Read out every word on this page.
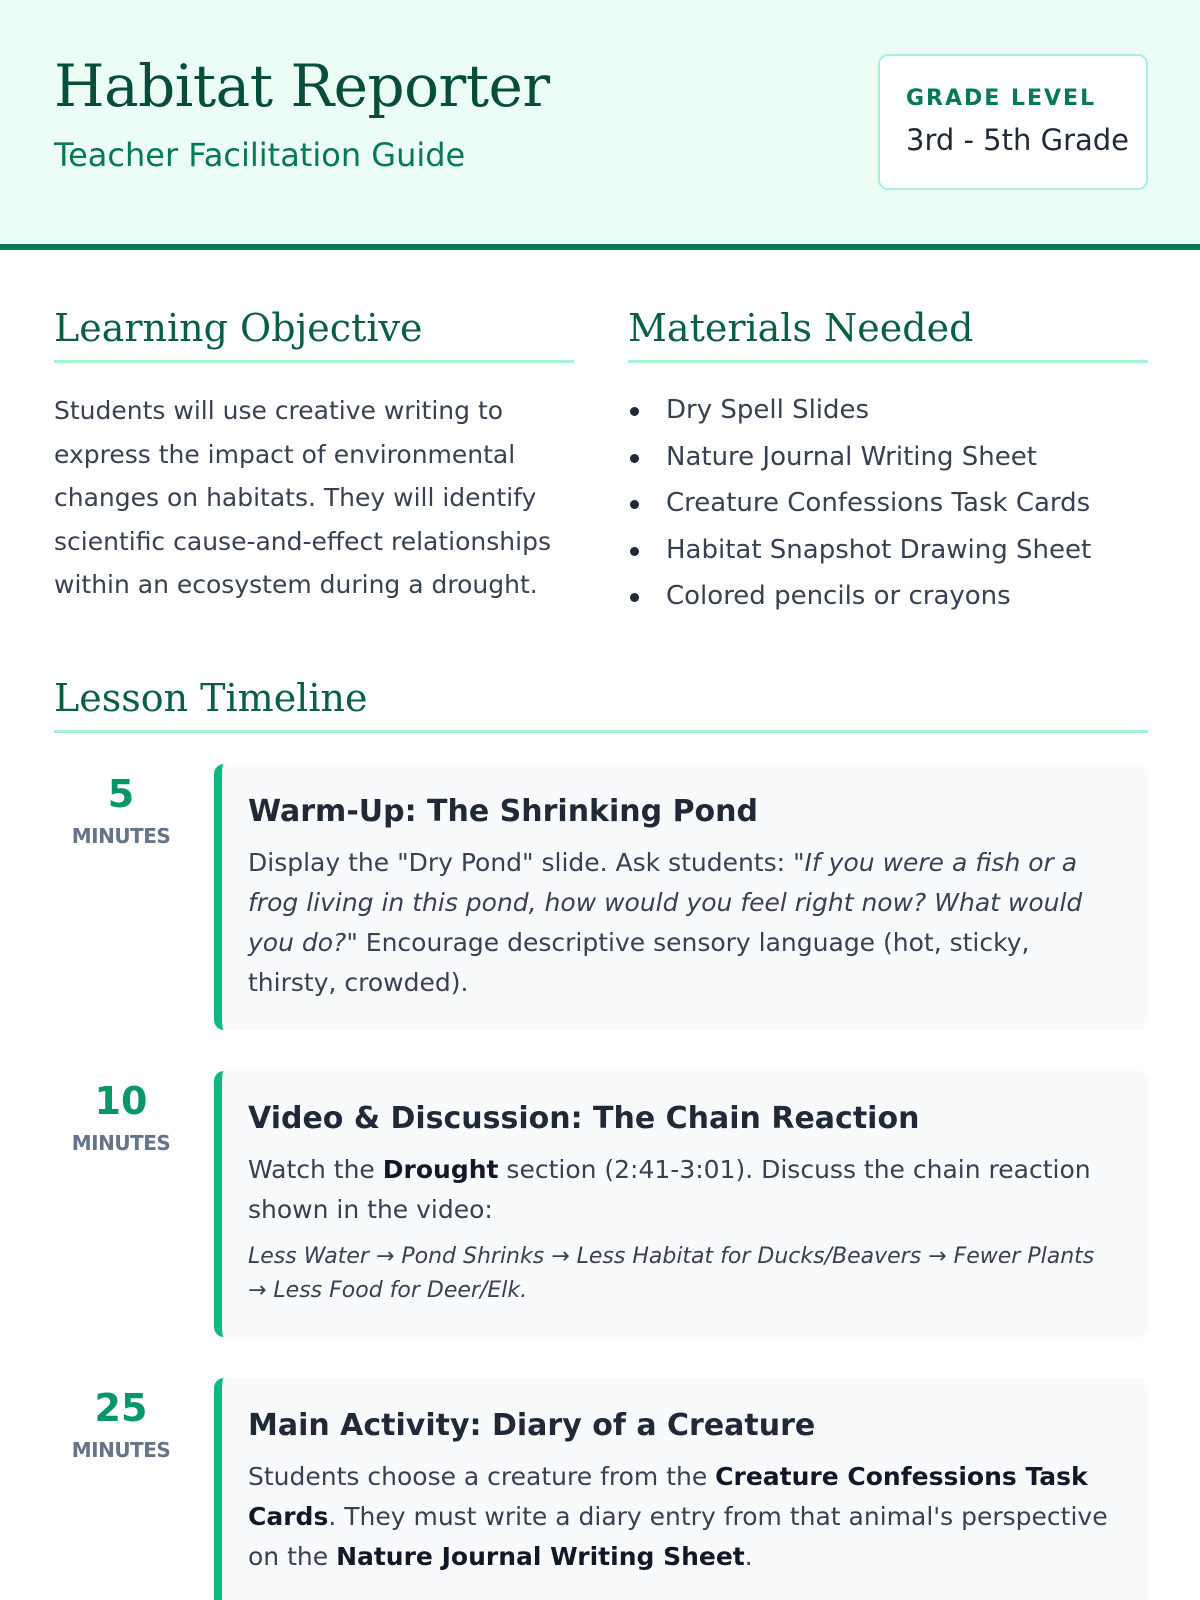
Habitat Reporter
Teacher Facilitation Guide
GRADE LEVEL
3rd - 5th Grade
Learning Objective

Students will use creative writing to express the impact of environmental changes on habitats. They will identify scientific cause-and-effect relationships within an ecosystem during a drought.

Materials Needed
Dry Spell Slides
Nature Journal Writing Sheet
Creature Confessions Task Cards
Habitat Snapshot Drawing Sheet
Colored pencils or crayons
Lesson Timeline
5
MINUTES
Warm-Up: The Shrinking Pond
Display the "Dry Pond" slide. Ask students: "If you were a fish or a frog living in this pond, how would you feel right now? What would you do?" Encourage descriptive sensory language (hot, sticky, thirsty, crowded).
10
MINUTES
Video & Discussion: The Chain Reaction
Watch the Drought section (2:41-3:01). Discuss the chain reaction shown in the video:
Less Water → Pond Shrinks → Less Habitat for Ducks/Beavers → Fewer Plants → Less Food for Deer/Elk.
25
MINUTES
Main Activity: Diary of a Creature
Students choose a creature from the Creature Confessions Task Cards. They must write a diary entry from that animal's perspective on the Nature Journal Writing Sheet.
